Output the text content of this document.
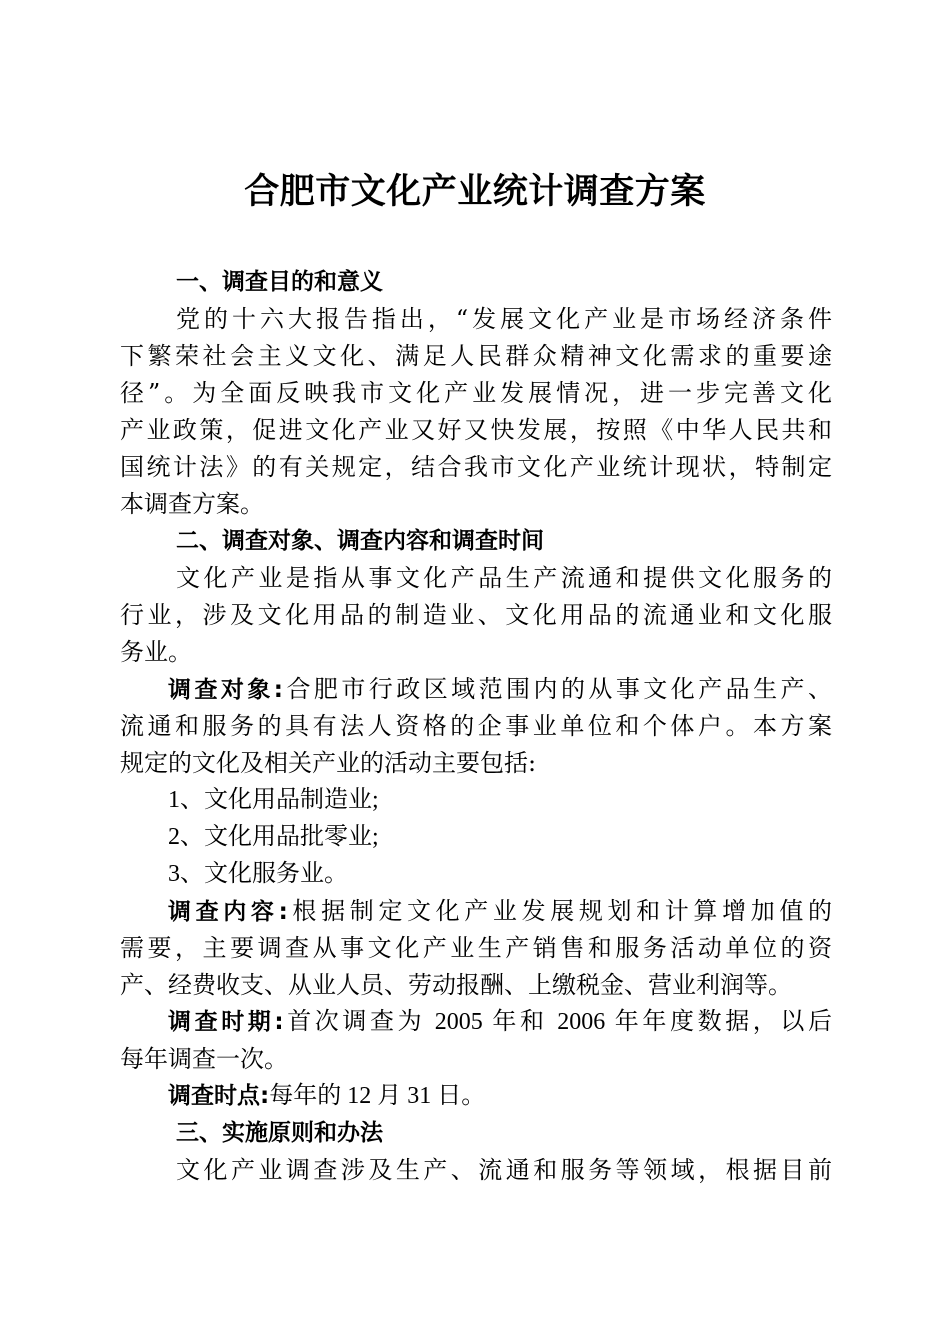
合肥市文化产业统计调查方案
一、调查目的和意义
党的十六大报告指出，“发展文化产业是市场经济条件
下繁荣社会主义文化、满足人民群众精神文化需求的重要途
径”。为全面反映我市文化产业发展情况，进一步完善文化
产业政策，促进文化产业又好又快发展，按照《中华人民共和
国统计法》的有关规定，结合我市文化产业统计现状，特制定
本调查方案。
二、调查对象、调查内容和调查时间
文化产业是指从事文化产品生产流通和提供文化服务的
行业，涉及文化用品的制造业、文化用品的流通业和文化服
务业。
调查对象:合肥市行政区域范围内的从事文化产品生产、
流通和服务的具有法人资格的企事业单位和个体户。本方案
规定的文化及相关产业的活动主要包括:
1、文化用品制造业;
2、文化用品批零业;
3、文化服务业。
调查内容:根据制定文化产业发展规划和计算增加值的
需要，主要调查从事文化产业生产销售和服务活动单位的资
产、经费收支、从业人员、劳动报酬、上缴税金、营业利润等。
调查时期:首次调查为 2005 年和 2006 年年度数据，以后
每年调查一次。
调查时点:每年的 12 月 31 日。
三、实施原则和办法
文化产业调查涉及生产、流通和服务等领域，根据目前
